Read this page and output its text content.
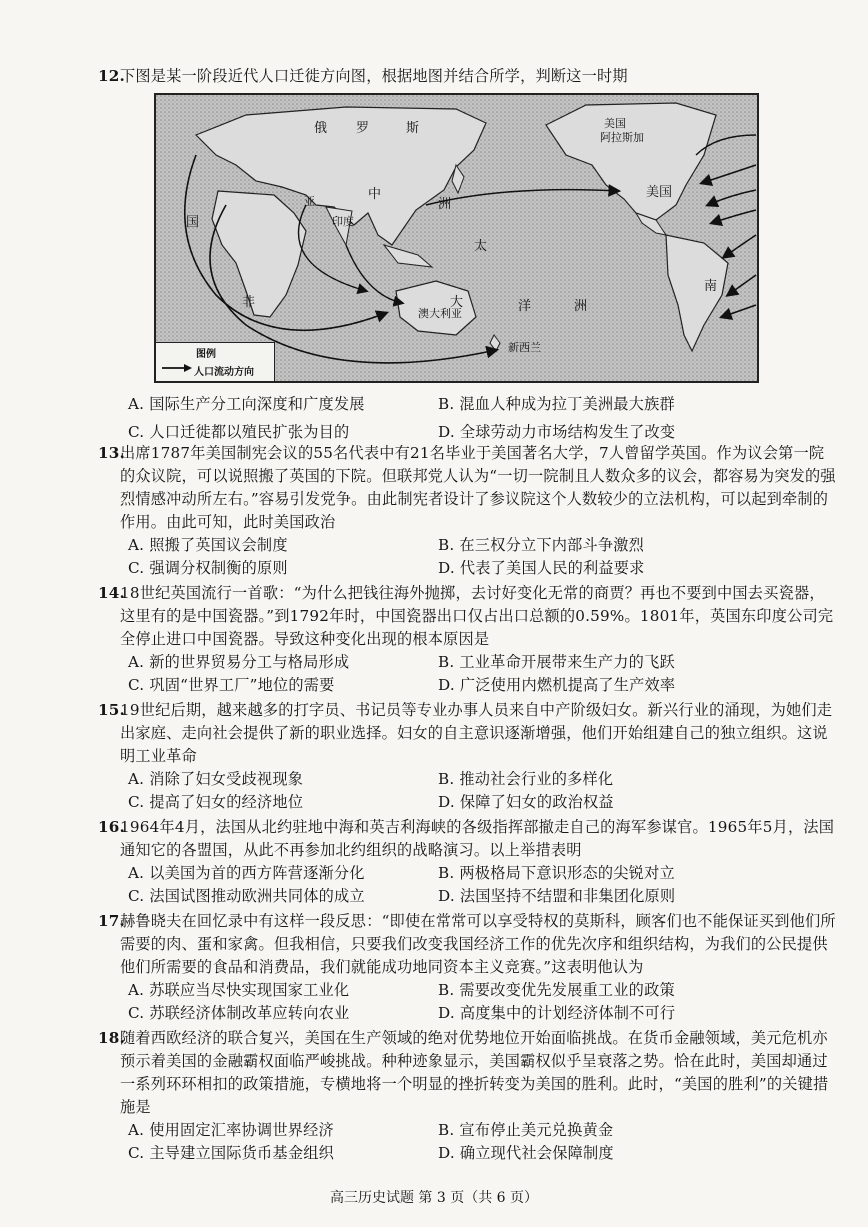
12.
下图是某一阶段近代人口迁徙方向图，根据地图并结合所学，判断这一时期
俄 罗	斯	美国
阿拉斯加
中
洲
印度
亚
太
洋	洲
澳大利亚
大
新西兰
美国
南
非
国
图例
人口流动方向
A. 国际生产分工向深度和广度发展	B. 混血人种成为拉丁美洲最大族群
C. 人口迁徙都以殖民扩张为目的	D. 全球劳动力市场结构发生了改变
13.
出席1787年美国制宪会议的55名代表中有21名毕业于美国著名大学，7人曾留学英国。作为议会第一院的众议院，可以说照搬了英国的下院。但联邦党人认为“一切一院制且人数众多的议会，都容易为突发的强烈情感冲动所左右。”容易引发党争。由此制宪者设计了参议院这个人数较少的立法机构，可以起到牵制的作用。由此可知，此时美国政治
A. 照搬了英国议会制度	B. 在三权分立下内部斗争激烈
C. 强调分权制衡的原则	D. 代表了美国人民的利益要求
14.
18世纪英国流行一首歌：“为什么把钱往海外抛掷，去讨好变化无常的商贾？再也不要到中国去买瓷器，这里有的是中国瓷器。”到1792年时，中国瓷器出口仅占出口总额的0.59%。1801年，英国东印度公司完全停止进口中国瓷器。导致这种变化出现的根本原因是
A. 新的世界贸易分工与格局形成	B. 工业革命开展带来生产力的飞跃
C. 巩固“世界工厂”地位的需要	D. 广泛使用内燃机提高了生产效率
15.
19世纪后期，越来越多的打字员、书记员等专业办事人员来自中产阶级妇女。新兴行业的涌现，为她们走出家庭、走向社会提供了新的职业选择。妇女的自主意识逐渐增强，他们开始组建自己的独立组织。这说明工业革命
A. 消除了妇女受歧视现象	B. 推动社会行业的多样化
C. 提高了妇女的经济地位	D. 保障了妇女的政治权益
16.
1964年4月，法国从北约驻地中海和英吉利海峡的各级指挥部撤走自己的海军参谋官。1965年5月，法国通知它的各盟国，从此不再参加北约组织的战略演习。以上举措表明
A. 以美国为首的西方阵营逐渐分化	B. 两极格局下意识形态的尖锐对立
C. 法国试图推动欧洲共同体的成立	D. 法国坚持不结盟和非集团化原则
17.
赫鲁晓夫在回忆录中有这样一段反思：“即使在常常可以享受特权的莫斯科，顾客们也不能保证买到他们所需要的肉、蛋和家禽。但我相信，只要我们改变我国经济工作的优先次序和组织结构，为我们的公民提供他们所需要的食品和消费品，我们就能成功地同资本主义竞赛。”这表明他认为
A. 苏联应当尽快实现国家工业化	B. 需要改变优先发展重工业的政策
C. 苏联经济体制改革应转向农业	D. 高度集中的计划经济体制不可行
高三历史试题 第 3 页（共 6 页）
18.
随着西欧经济的联合复兴，美国在生产领域的绝对优势地位开始面临挑战。在货币金融领域，美元危机亦预示着美国的金融霸权面临严峻挑战。种种迹象显示，美国霸权似乎呈衰落之势。恰在此时，美国却通过一系列环环相扣的政策措施，专横地将一个明显的挫折转变为美国的胜利。此时，“美国的胜利”的关键措施是
A. 使用固定汇率协调世界经济	B. 宣布停止美元兑换黄金
C. 主导建立国际货币基金组织	D. 确立现代社会保障制度
